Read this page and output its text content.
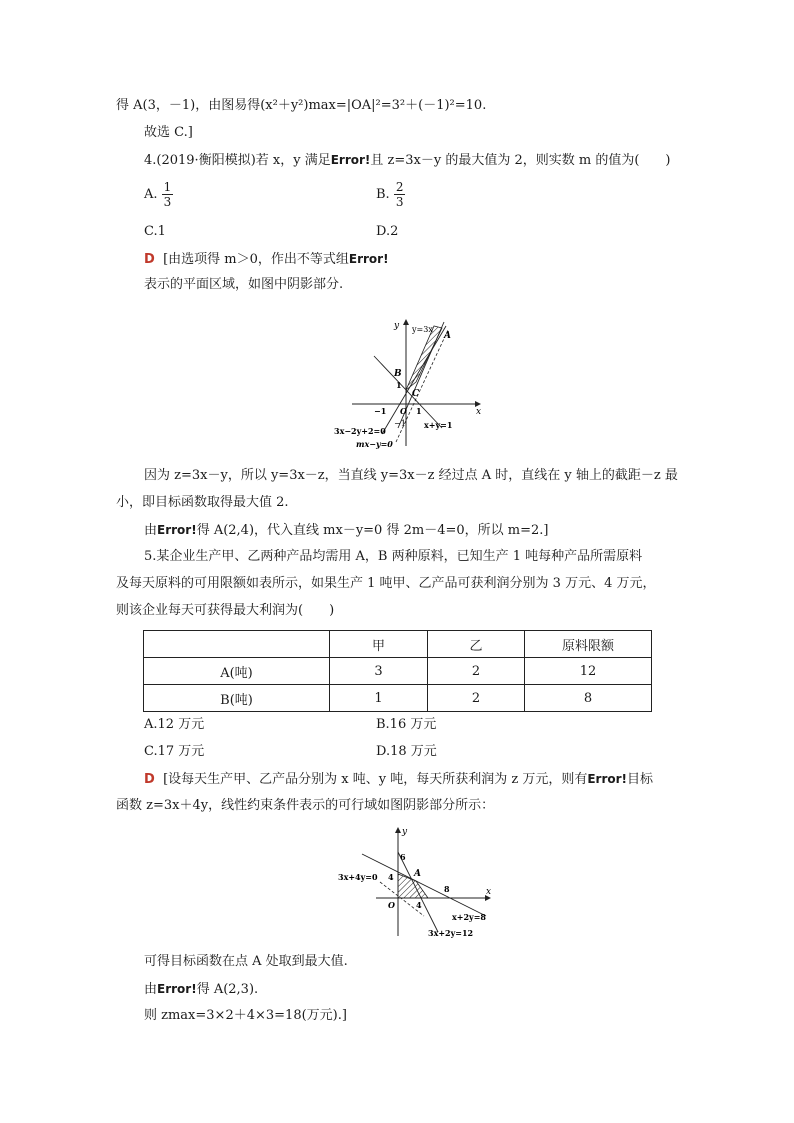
得 A(3，－1)，由图易得(x²＋y²)max=|OA|²=3²＋(－1)²=10.
故选 C.]
4.(2019·衡阳模拟)若 x，y 满足Error!且 z=3x－y 的最大值为 2，则实数 m 的值为(　　)
A. $\frac{1}{3}$	B. $\frac{2}{3}$
C.1	D.2
D [由选项得 m＞0，作出不等式组Error!
表示的平面区域，如图中阴影部分.
x
y y=3x
A
B
C
1
O
−1	1
−1
3x−2y+2=0
mx−y=0
x+y=1
因为 z=3x－y，所以 y=3x－z，当直线 y=3x－z 经过点 A 时，直线在 y 轴上的截距－z 最
小，即目标函数取得最大值 2.
由Error!得 A(2,4)，代入直线 mx－y=0 得 2m－4=0，所以 m=2.]
5.某企业生产甲、乙两种产品均需用 A，B 两种原料，已知生产 1 吨每种产品所需原料
及每天原料的可用限额如表所示，如果生产 1 吨甲、乙产品可获利润分别为 3 万元、4 万元，
则该企业每天可获得最大利润为(　　)
	甲	乙	原料限额
A(吨)	3	2	12
B(吨)	1	2	8
A.12 万元	B.16 万元
C.17 万元	D.18 万元
D [设每天生产甲、乙产品分别为 x 吨、y 吨，每天所获利润为 z 万元，则有Error!目标
函数 z=3x＋4y，线性约束条件表示的可行域如图阴影部分所示：
x
y
6
4 A
8
O	4
3x+4y=0
x+2y=8
3x+2y=12
可得目标函数在点 A 处取到最大值.
由Error!得 A(2,3).
则 zmax=3×2＋4×3=18(万元).]
